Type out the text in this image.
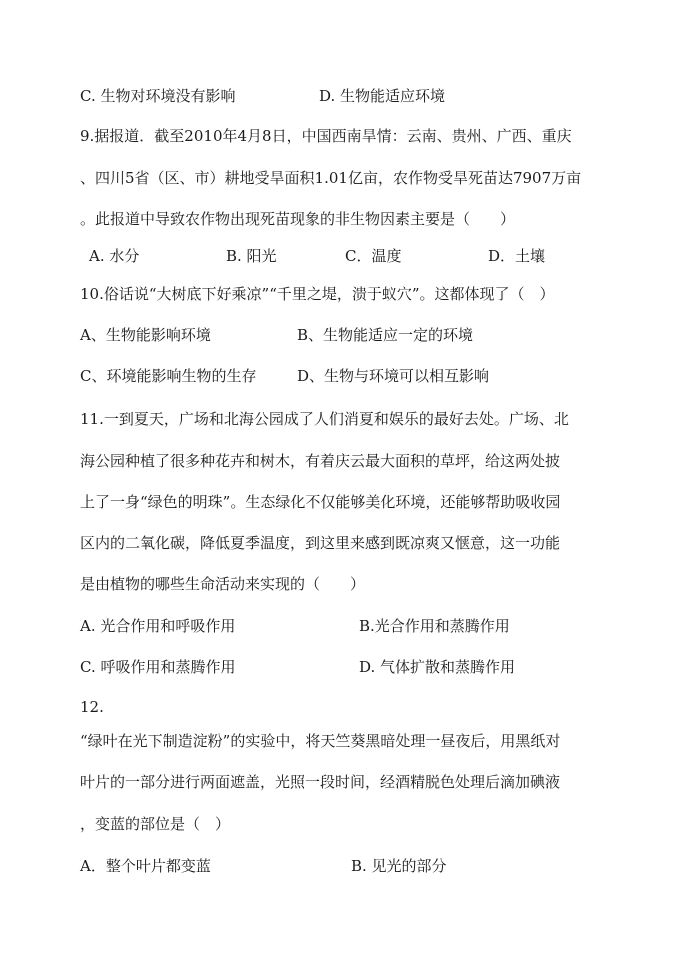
C. 生物对环境没有影响	D. 生物能适应环境
9.据报道．截至2010年4月8日，中国西南旱情：云南、贵州、广西、重庆
、四川5省（区、市）耕地受旱面积1.01亿亩，农作物受旱死苗达7907万亩
。此报道中导致农作物出现死苗现象的非生物因素主要是（　　）
A. 水分	B. 阳光	C．温度	D．土壤
10.俗话说“大树底下好乘凉”“千里之堤，溃于蚁穴”。这都体现了（　）
A、生物能影响环境	B、生物能适应一定的环境
C、环境能影响生物的生存	D、生物与环境可以相互影响
11.一到夏天，广场和北海公园成了人们消夏和娱乐的最好去处。广场、北
海公园种植了很多种花卉和树木，有着庆云最大面积的草坪，给这两处披
上了一身“绿色的明珠”。生态绿化不仅能够美化环境，还能够帮助吸收园
区内的二氧化碳，降低夏季温度，到这里来感到既凉爽又惬意，这一功能
是由植物的哪些生命活动来实现的（　　）
A. 光合作用和呼吸作用	B.光合作用和蒸腾作用
C. 呼吸作用和蒸腾作用	D. 气体扩散和蒸腾作用
12.
“绿叶在光下制造淀粉”的实验中，将天竺葵黑暗处理一昼夜后，用黑纸对
叶片的一部分进行两面遮盖，光照一段时间，经酒精脱色处理后滴加碘液
，变蓝的部位是（　）
A．整个叶片都变蓝	B. 见光的部分
